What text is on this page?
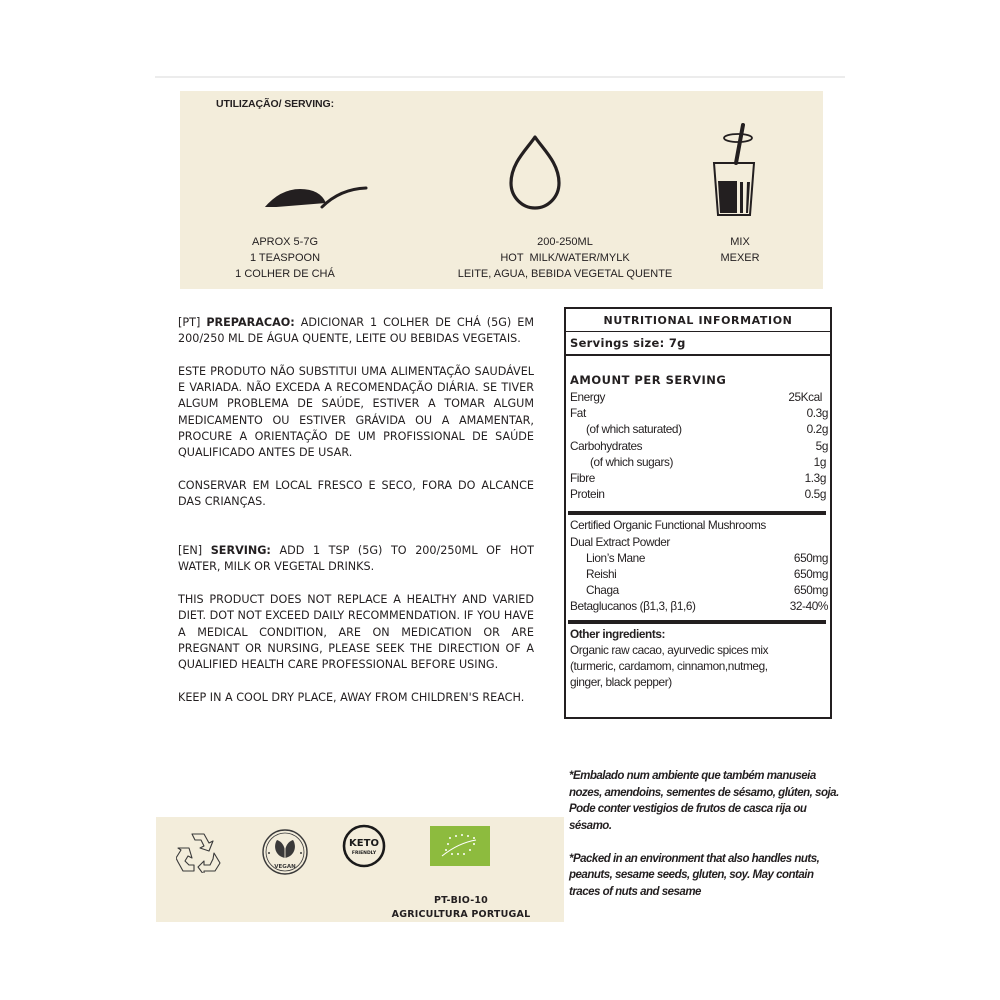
UTILIZAÇÃO/ SERVING:
APROX 5-7G
1 TEASPOON
1 COLHER DE CHÁ
200-250ML
HOT  MILK/WATER/MYLK
LEITE, AGUA, BEBIDA VEGETAL QUENTE
MIX
MEXER

[PT] PREPARACAO: ADICIONAR 1 COLHER DE CHÁ (5G) EM 200/250 ML DE ÁGUA QUENTE, LEITE OU BEBIDAS VEGETAIS.

ESTE PRODUTO NÃO SUBSTITUI UMA ALIMENTAÇÃO SAUDÁVEL E VARIADA. NÃO EXCEDA A RECOMENDAÇÃO DIÁRIA. SE TIVER ALGUM PROBLEMA DE SAÚDE, ESTIVER A TOMAR ALGUM MEDICAMENTO OU ESTIVER GRÁVIDA OU A AMAMENTAR, PROCURE A ORIENTAÇÃO DE UM PROFISSIONAL DE SAÚDE QUALIFICADO ANTES DE USAR.

CONSERVAR EM LOCAL FRESCO E SECO, FORA DO ALCANCE DAS CRIANÇAS.

[EN] SERVING: ADD 1 TSP (5G) TO 200/250ML OF HOT WATER, MILK OR VEGETAL DRINKS.

THIS PRODUCT DOES NOT REPLACE A HEALTHY AND VARIED DIET. DOT NOT EXCEED DAILY RECOMMENDATION. IF YOU HAVE A MEDICAL CONDITION, ARE ON MEDICATION OR ARE PREGNANT OR NURSING, PLEASE SEEK THE DIRECTION OF A QUALIFIED HEALTH CARE PROFESSIONAL BEFORE USING.

KEEP IN A COOL DRY PLACE, AWAY FROM CHILDREN'S REACH.

NUTRITIONAL INFORMATION
Servings size: 7g
AMOUNT PER SERVING
Energy	25Kcal
Fat	0.3g
(of which saturated)	0.2g
Carbohydrates	5g
(of which sugars)	1g
Fibre	1.3g
Protein	0.5g
Certified Organic Functional Mushrooms
Dual Extract Powder
Lion’s Mane	650mg
Reishi	650mg
Chaga	650mg
Betaglucanos (β1,3, β1,6)	32-40%
Other ingredients:
Organic raw cacao, ayurvedic spices mix
(turmeric, cardamom, cinnamon,nutmeg,
ginger, black pepper)

*Embalado num ambiente que também manuseia nozes, amendoins, sementes de sésamo, glúten, soja. Pode conter vestigios de frutos de casca rija ou sésamo.

*Packed in an environment that also handles nuts, peanuts, sesame seeds, gluten, soy. May contain traces of nuts and sesame

VEGAN
KETO
FRIENDLY
PT-BIO-10
AGRICULTURA PORTUGAL
